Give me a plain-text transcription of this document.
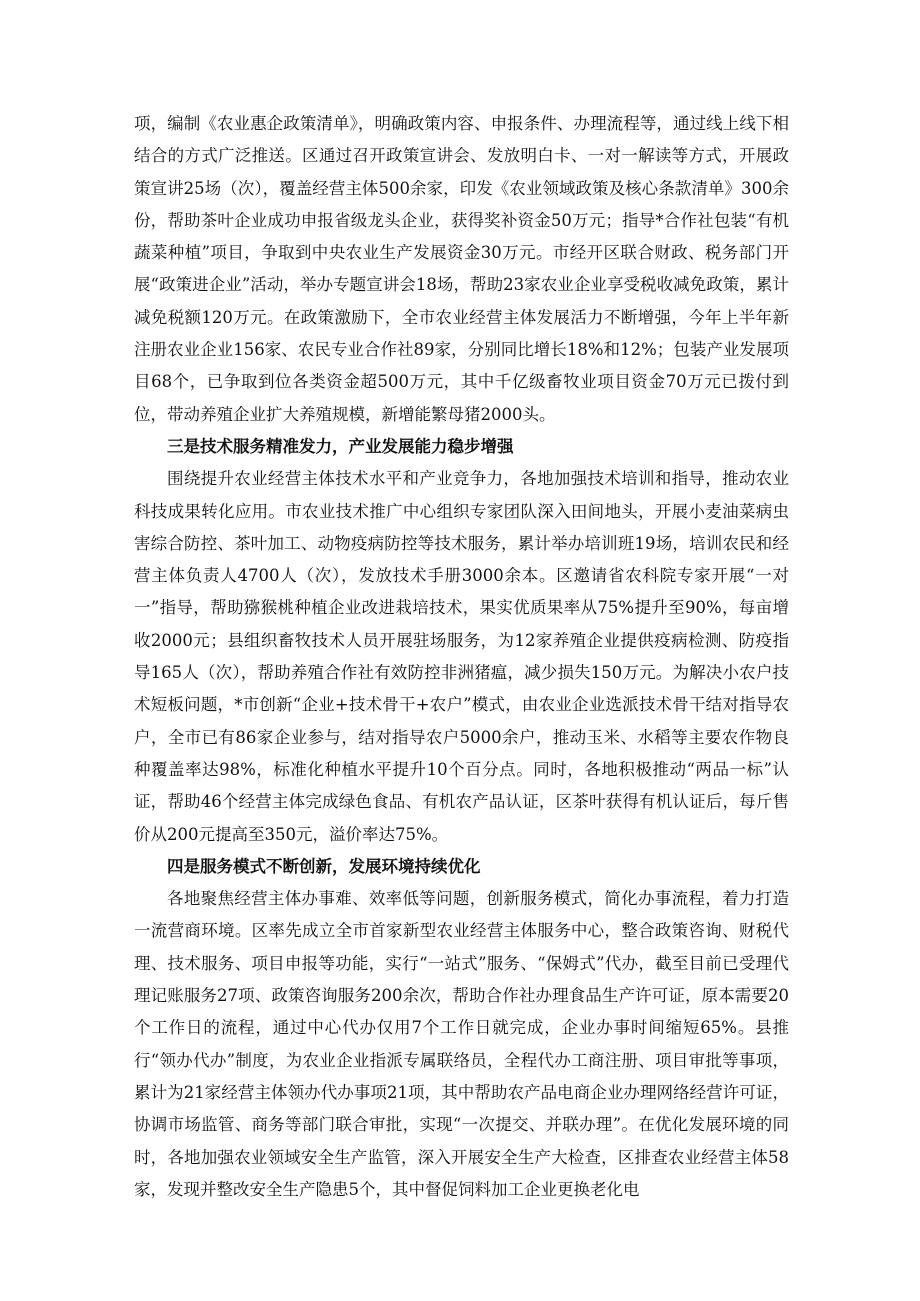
项，编制《农业惠企政策清单》，明确政策内容、申报条件、办理流程等，通过线上线下相结合的方式广泛推送。区通过召开政策宣讲会、发放明白卡、一对一解读等方式，开展政策宣讲25场（次），覆盖经营主体500余家，印发《农业领域政策及核心条款清单》300余份，帮助茶叶企业成功申报省级龙头企业，获得奖补资金50万元；指导*合作社包装“有机蔬菜种植”项目，争取到中央农业生产发展资金30万元。市经开区联合财政、税务部门开展“政策进企业”活动，举办专题宣讲会18场，帮助23家农业企业享受税收减免政策，累计减免税额120万元。在政策激励下，全市农业经营主体发展活力不断增强，今年上半年新注册农业企业156家、农民专业合作社89家，分别同比增长18%和12%；包装产业发展项目68个，已争取到位各类资金超500万元，其中千亿级畜牧业项目资金70万元已拨付到位，带动养殖企业扩大养殖规模，新增能繁母猪2000头。

三是技术服务精准发力，产业发展能力稳步增强

围绕提升农业经营主体技术水平和产业竞争力，各地加强技术培训和指导，推动农业科技成果转化应用。市农业技术推广中心组织专家团队深入田间地头，开展小麦油菜病虫害综合防控、茶叶加工、动物疫病防控等技术服务，累计举办培训班19场，培训农民和经营主体负责人4700人（次），发放技术手册3000余本。区邀请省农科院专家开展“一对一”指导，帮助猕猴桃种植企业改进栽培技术，果实优质果率从75%提升至90%，每亩增收2000元；县组织畜牧技术人员开展驻场服务，为12家养殖企业提供疫病检测、防疫指导165人（次），帮助养殖合作社有效防控非洲猪瘟，减少损失150万元。为解决小农户技术短板问题，*市创新“企业+技术骨干+农户”模式，由农业企业选派技术骨干结对指导农户，全市已有86家企业参与，结对指导农户5000余户，推动玉米、水稻等主要农作物良种覆盖率达98%，标准化种植水平提升10个百分点。同时，各地积极推动“两品一标”认证，帮助46个经营主体完成绿色食品、有机农产品认证，区茶叶获得有机认证后，每斤售价从200元提高至350元，溢价率达75%。

四是服务模式不断创新，发展环境持续优化

各地聚焦经营主体办事难、效率低等问题，创新服务模式，简化办事流程，着力打造一流营商环境。区率先成立全市首家新型农业经营主体服务中心，整合政策咨询、财税代理、技术服务、项目申报等功能，实行“一站式”服务、“保姆式”代办，截至目前已受理代理记账服务27项、政策咨询服务200余次，帮助合作社办理食品生产许可证，原本需要20个工作日的流程，通过中心代办仅用7个工作日就完成，企业办事时间缩短65%。县推行“领办代办”制度，为农业企业指派专属联络员，全程代办工商注册、项目审批等事项，累计为21家经营主体领办代办事项21项，其中帮助农产品电商企业办理网络经营许可证，协调市场监管、商务等部门联合审批，实现“一次提交、并联办理”。在优化发展环境的同时，各地加强农业领域安全生产监管，深入开展安全生产大检查，区排查农业经营主体58家，发现并整改安全生产隐患5个，其中督促饲料加工企业更换老化电
